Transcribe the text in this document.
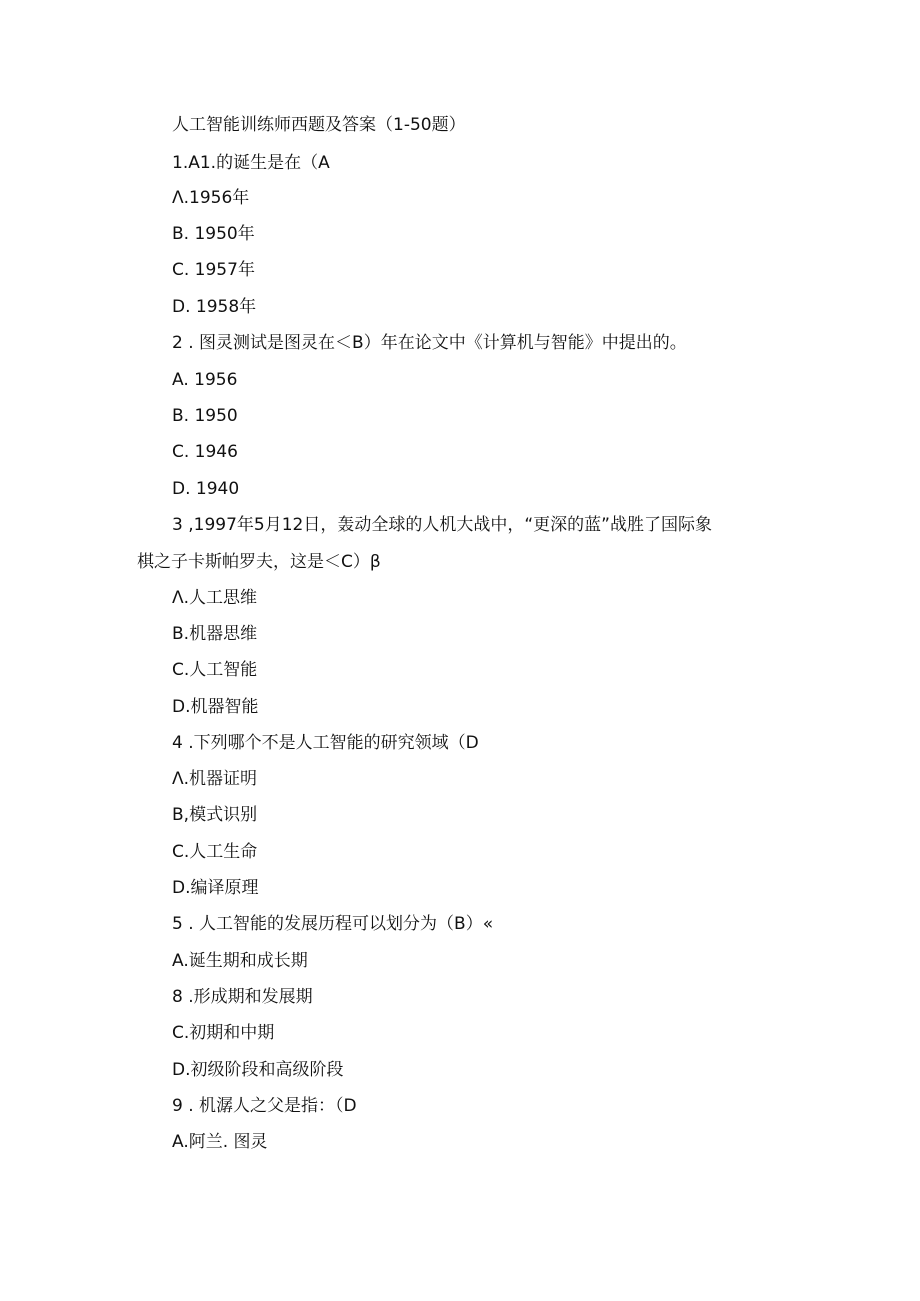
人工智能训练师西题及答案（1-50题）
1.A1.的诞生是在（A
Λ.1956年
B. 1950年
C. 1957年
D. 1958年
2 . 图灵测试是图灵在＜B）年在论文中《计算机与智能》中提出的。
A. 1956
B. 1950
C. 1946
D. 1940
3 ,1997年5月12日，轰动全球的人机大战中，“更深的蓝”战胜了国际象
棋之子卡斯帕罗夫，这是＜C）β
Λ.人工思维
B.机器思维
C.人工智能
D.机器智能
4 .下列哪个不是人工智能的研究领域（D
Λ.机器证明
B,模式识别
C.人工生命
D.编译原理
5 . 人工智能的发展历程可以划分为（B）«
A.诞生期和成长期
8 .形成期和发展期
C.初期和中期
D.初级阶段和高级阶段
9 . 机潺人之父是指：（D
A.阿兰. 图灵
